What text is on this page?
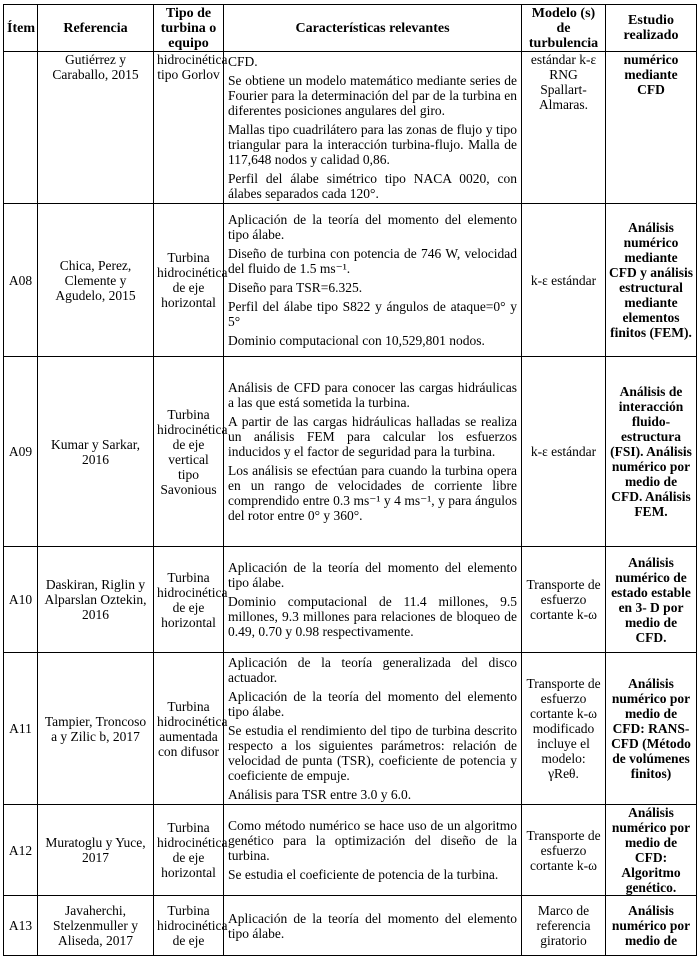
Ítem	Referencia	Tipo de turbina o equipo	Características relevantes	Modelo (s) de turbulencia	Estudio realizado
	Gutiérrez y Caraballo, 2015	hidrocinética tipo Gorlov	CFD.

Se obtiene un modelo matemático mediante series de Fourier para la determinación del par de la turbina en diferentes posiciones angulares del giro.

Mallas tipo cuadrilátero para las zonas de flujo y tipo triangular para la interacción turbina-flujo. Malla de 117,648 nodos y calidad 0,86.

Perfil del álabe simétrico tipo NACA 0020, con álabes separados cada 120°.	estándar k-ε RNG Spallart-Almaras.	numérico mediante CFD
A08	Chica, Perez, Clemente y Agudelo, 2015	Turbina hidrocinética de eje horizontal	Aplicación de la teoría del momento del elemento tipo álabe.

Diseño de turbina con potencia de 746 W, velocidad del fluido de 1.5 ms⁻¹.

Diseño para TSR=6.325.

Perfil del álabe tipo S822 y ángulos de ataque=0° y 5°

Dominio computacional con 10,529,801 nodos.	k-ε estándar	Análisis numérico mediante CFD y análisis estructural mediante elementos finitos (FEM).
A09	Kumar y Sarkar, 2016	Turbina hidrocinética de eje vertical tipo Savonious	Análisis de CFD para conocer las cargas hidráulicas a las que está sometida la turbina.

A partir de las cargas hidráulicas halladas se realiza un análisis FEM para calcular los esfuerzos inducidos y el factor de seguridad para la turbina.

Los análisis se efectúan para cuando la turbina opera en un rango de velocidades de corriente libre comprendido entre 0.3 ms⁻¹ y 4 ms⁻¹, y para ángulos del rotor entre 0° y 360°.	k-ε estándar	Análisis de interacción fluido-estructura (FSI). Análisis numérico por medio de CFD. Análisis FEM.
A10	Daskiran, Riglin y Alparslan Oztekin, 2016	Turbina hidrocinética de eje horizontal	Aplicación de la teoría del momento del elemento tipo álabe.

Dominio computacional de 11.4 millones, 9.5 millones, 9.3 millones para relaciones de bloqueo de 0.49, 0.70 y 0.98 respectivamente.	Transporte de esfuerzo cortante k-ω	Análisis numérico de estado estable en 3- D por medio de CFD.
A11	Tampier, Troncoso a y Zilic b, 2017	Turbina hidrocinética aumentada con difusor	Aplicación de la teoría generalizada del disco actuador.

Aplicación de la teoría del momento del elemento tipo álabe.

Se estudia el rendimiento del tipo de turbina descrito respecto a los siguientes parámetros: relación de velocidad de punta (TSR), coeficiente de potencia y coeficiente de empuje.

Análisis para TSR entre 3.0 y 6.0.	Transporte de esfuerzo cortante k-ω modificado incluye el modelo: γReθ.	Análisis numérico por medio de CFD: RANS-CFD (Método de volúmenes finitos)
A12	Muratoglu y Yuce, 2017	Turbina hidrocinética de eje horizontal	Como método numérico se hace uso de un algoritmo genético para la optimización del diseño de la turbina.

Se estudia el coeficiente de potencia de la turbina.	Transporte de esfuerzo cortante k-ω	Análisis numérico por medio de CFD: Algoritmo genético.
A13	Javaherchi, Stelzenmuller y Aliseda, 2017	Turbina hidrocinética de eje	Aplicación de la teoría del momento del elemento tipo álabe.	Marco de referencia giratorio	Análisis numérico por medio de
